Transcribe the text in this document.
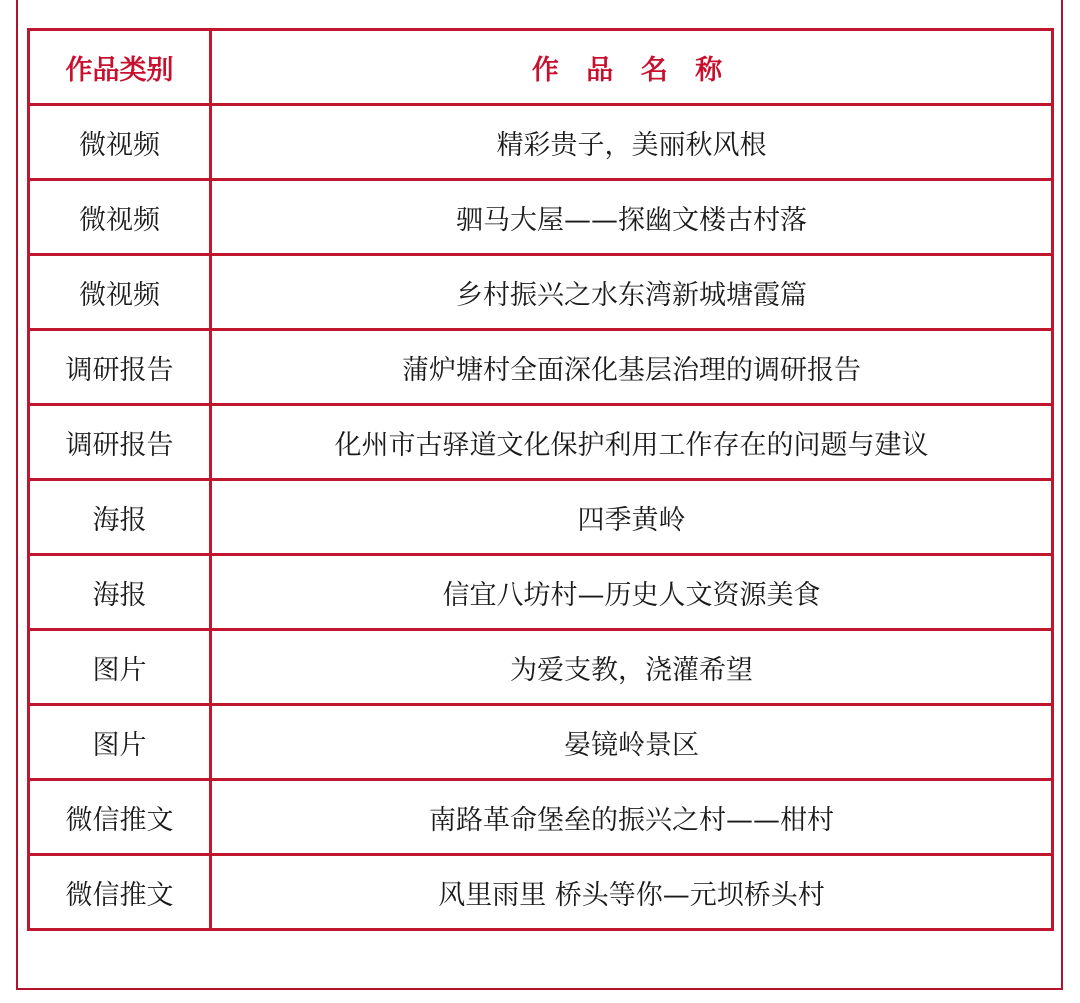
作品类别	作 品 名 称
微视频	精彩贵子，美丽秋风根
微视频	驷马大屋——探幽文楼古村落
微视频	乡村振兴之水东湾新城塘霞篇
调研报告	蒲炉塘村全面深化基层治理的调研报告
调研报告	化州市古驿道文化保护利用工作存在的问题与建议
海报	四季黄岭
海报	信宜八坊村—历史人文资源美食
图片	为爱支教，浇灌希望
图片	晏镜岭景区
微信推文	南路革命堡垒的振兴之村——柑村
微信推文	风里雨里 桥头等你—元坝桥头村
